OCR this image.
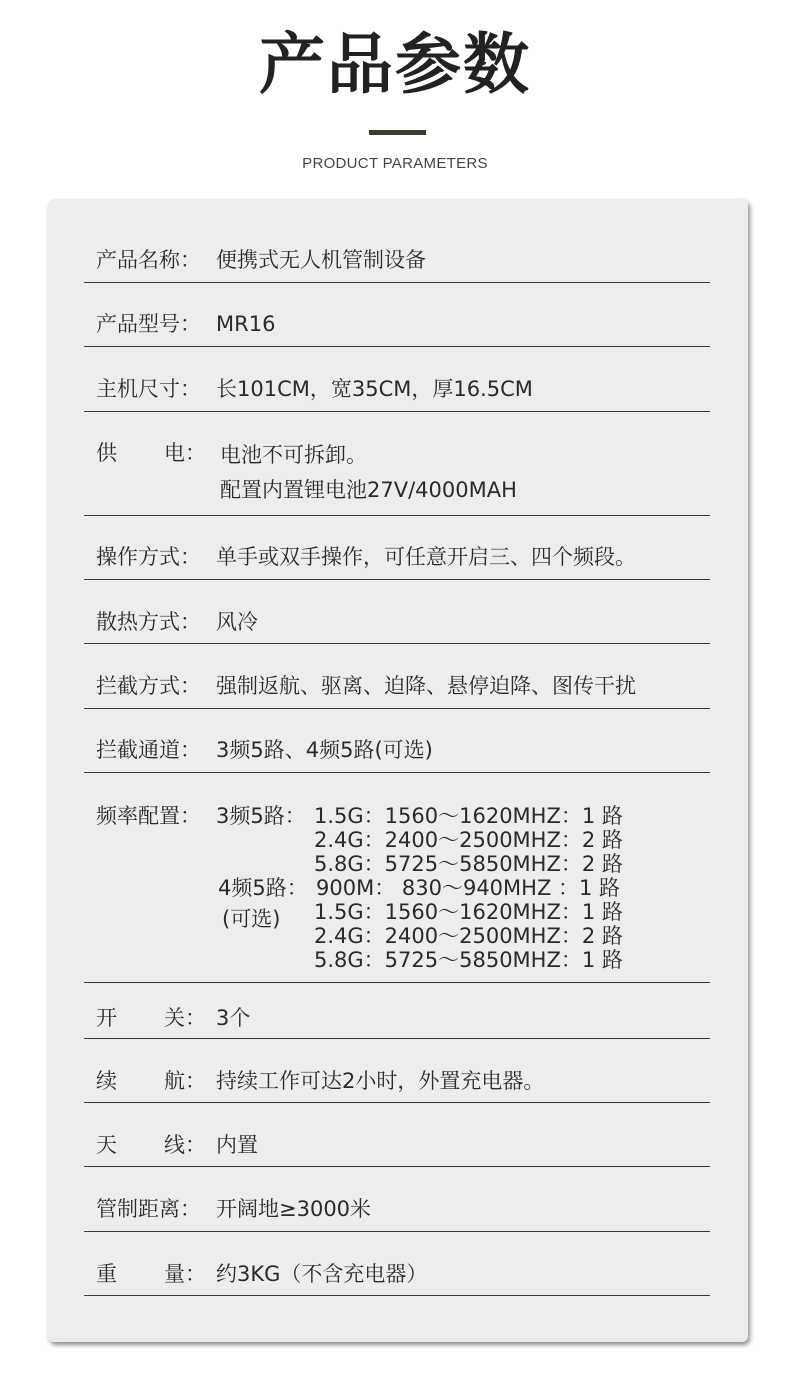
产品参数
PRODUCT PARAMETERS
产品名称： 便携式无人机管制设备
产品型号： MR16
主机尺寸： 长101CM，宽35CM，厚16.5CM
供 电： 电池不可拆卸。
配置内置锂电池27V/4000MAH
操作方式： 单手或双手操作，可任意开启三、四个频段。
散热方式： 风冷
拦截方式： 强制返航、驱离、迫降、悬停迫降、图传干扰
拦截通道： 3频5路、4频5路(可选)
频率配置： 3频5路： 1.5G：1560～1620MHZ：1 路
2.4G：2400～2500MHZ：2 路
5.8G：5725～5850MHZ：2 路
4频5路：
(可选)
900M： 830～940MHZ ：1 路
1.5G：1560～1620MHZ：1 路
2.4G：2400～2500MHZ：2 路
5.8G：5725～5850MHZ：1 路
开 关： 3个
续 航： 持续工作可达2小时，外置充电器。
天 线： 内置
管制距离： 开阔地≥3000米
重 量： 约3KG（不含充电器）
